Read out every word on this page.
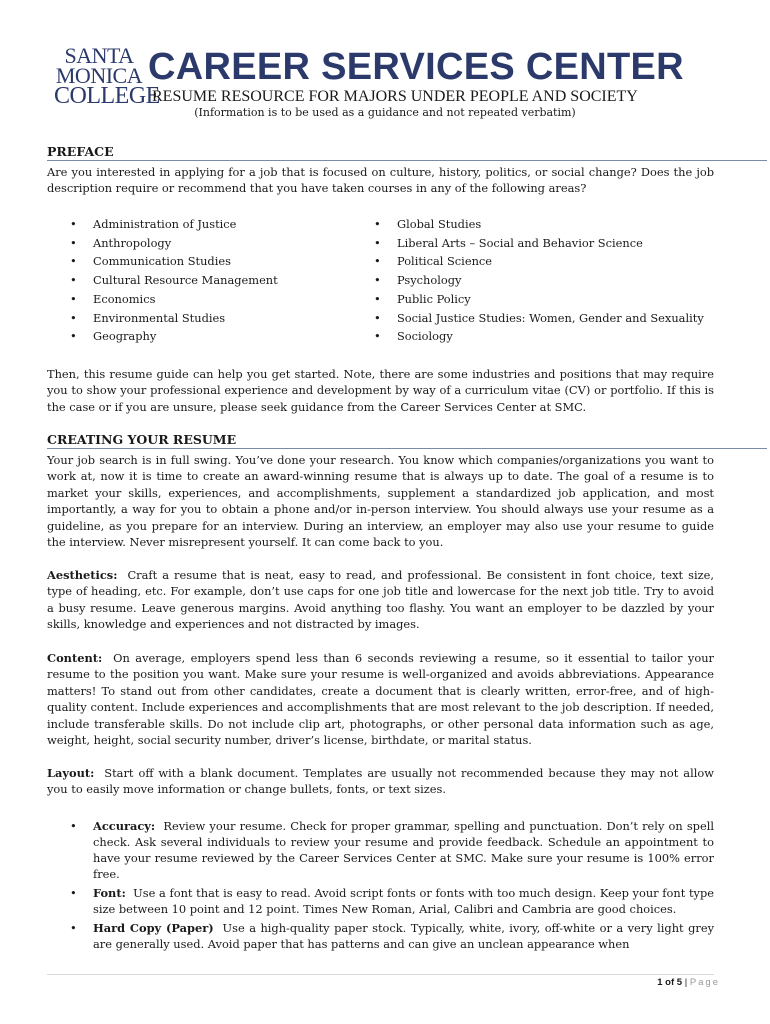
SANTA
MONICA
COLLEGE
CAREER SERVICES CENTER
RESUME RESOURCE FOR MAJORS UNDER PEOPLE AND SOCIETY
(Information is to be used as a guidance and not repeated verbatim)
PREFACE
Are you interested in applying for a job that is focused on culture, history, politics, or social change? Does the job description require or recommend that you have taken courses in any of the following areas?
• Administration of Justice
• Anthropology
• Communication Studies
• Cultural Resource Management
• Economics
• Environmental Studies
• Geography
• Global Studies
• Liberal Arts – Social and Behavior Science
• Political Science
• Psychology
• Public Policy
• Social Justice Studies: Women, Gender and Sexuality
• Sociology
Then, this resume guide can help you get started. Note, there are some industries and positions that may require you to show your professional experience and development by way of a curriculum vitae (CV) or portfolio. If this is the case or if you are unsure, please seek guidance from the Career Services Center at SMC.
CREATING YOUR RESUME
Your job search is in full swing. You’ve done your research. You know which companies/organizations you want to work at, now it is time to create an award-winning resume that is always up to date. The goal of a resume is to market your skills, experiences, and accomplishments, supplement a standardized job application, and most importantly, a way for you to obtain a phone and/or in-person interview. You should always use your resume as a guideline, as you prepare for an interview. During an interview, an employer may also use your resume to guide the interview. Never misrepresent yourself. It can come back to you.
Aesthetics: Craft a resume that is neat, easy to read, and professional. Be consistent in font choice, text size, type of heading, etc. For example, don’t use caps for one job title and lowercase for the next job title. Try to avoid a busy resume. Leave generous margins. Avoid anything too flashy. You want an employer to be dazzled by your skills, knowledge and experiences and not distracted by images.
Content: On average, employers spend less than 6 seconds reviewing a resume, so it essential to tailor your resume to the position you want. Make sure your resume is well-organized and avoids abbreviations. Appearance matters! To stand out from other candidates, create a document that is clearly written, error-free, and of high-quality content. Include experiences and accomplishments that are most relevant to the job description. If needed, include transferable skills. Do not include clip art, photographs, or other personal data information such as age, weight, height, social security number, driver’s license, birthdate, or marital status.
Layout: Start off with a blank document. Templates are usually not recommended because they may not allow you to easily move information or change bullets, fonts, or text sizes.
• Accuracy: Review your resume. Check for proper grammar, spelling and punctuation. Don’t rely on spell check. Ask several individuals to review your resume and provide feedback. Schedule an appointment to have your resume reviewed by the Career Services Center at SMC. Make sure your resume is 100% error free.
• Font: Use a font that is easy to read. Avoid script fonts or fonts with too much design. Keep your font type size between 10 point and 12 point. Times New Roman, Arial, Calibri and Cambria are good choices.
• Hard Copy (Paper) Use a high-quality paper stock. Typically, white, ivory, off-white or a very light grey are generally used. Avoid paper that has patterns and can give an unclean appearance when
1 of 5 | Page
